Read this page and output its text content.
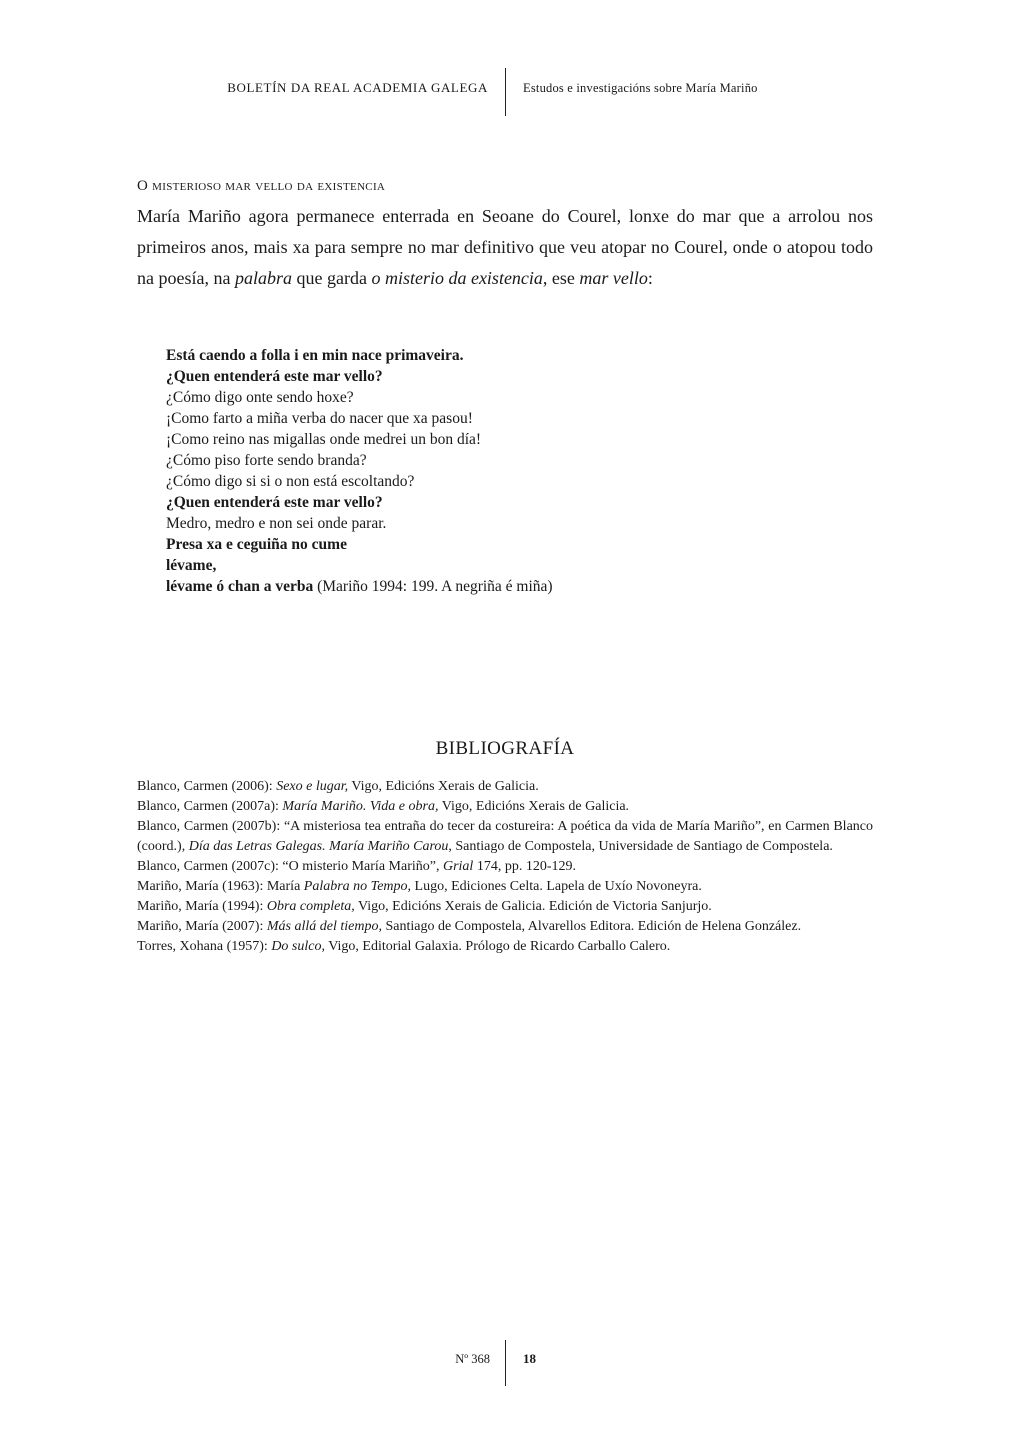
BOLETÍN DA REAL ACADEMIA GALEGA	Estudos e investigacións sobre María Mariño
O misterioso mar vello da existencia

María Mariño agora permanece enterrada en Seoane do Courel, lonxe do mar que a arrolou nos primeiros anos, mais xa para sempre no mar definitivo que veu atopar no Courel, onde o atopou todo na poesía, na palabra que garda o misterio da existencia, ese mar vello:

Está caendo a folla i en min nace primaveira.
¿Quen entenderá este mar vello?
¿Cómo digo onte sendo hoxe?
¡Como farto a miña verba do nacer que xa pasou!
¡Como reino nas migallas onde medrei un bon día!
¿Cómo piso forte sendo branda?
¿Cómo digo si si o non está escoltando?
¿Quen entenderá este mar vello?
Medro, medro e non sei onde parar.
Presa xa e ceguiña no cume
lévame,
lévame ó chan a verba (Mariño 1994: 199. A negriña é miña)
BIBLIOGRAFÍA

Blanco, Carmen (2006): Sexo e lugar, Vigo, Edicións Xerais de Galicia.

Blanco, Carmen (2007a): María Mariño. Vida e obra, Vigo, Edicións Xerais de Galicia.

Blanco, Carmen (2007b): “A misteriosa tea entraña do tecer da costureira: A poética da vida de María Mariño”, en Carmen Blanco (coord.), Día das Letras Galegas. María Mariño Carou, Santiago de Compostela, Universidade de Santiago de Compostela.

Blanco, Carmen (2007c): “O misterio María Mariño”, Grial 174, pp. 120-129.

Mariño, María (1963): María Palabra no Tempo, Lugo, Ediciones Celta. Lapela de Uxío Novoneyra.

Mariño, María (1994): Obra completa, Vigo, Edicións Xerais de Galicia. Edición de Victoria Sanjurjo.

Mariño, María (2007): Más allá del tiempo, Santiago de Compostela, Alvarellos Editora. Edición de Helena González.

Torres, Xohana (1957): Do sulco, Vigo, Editorial Galaxia. Prólogo de Ricardo Carballo Calero.

Nº 368	18
